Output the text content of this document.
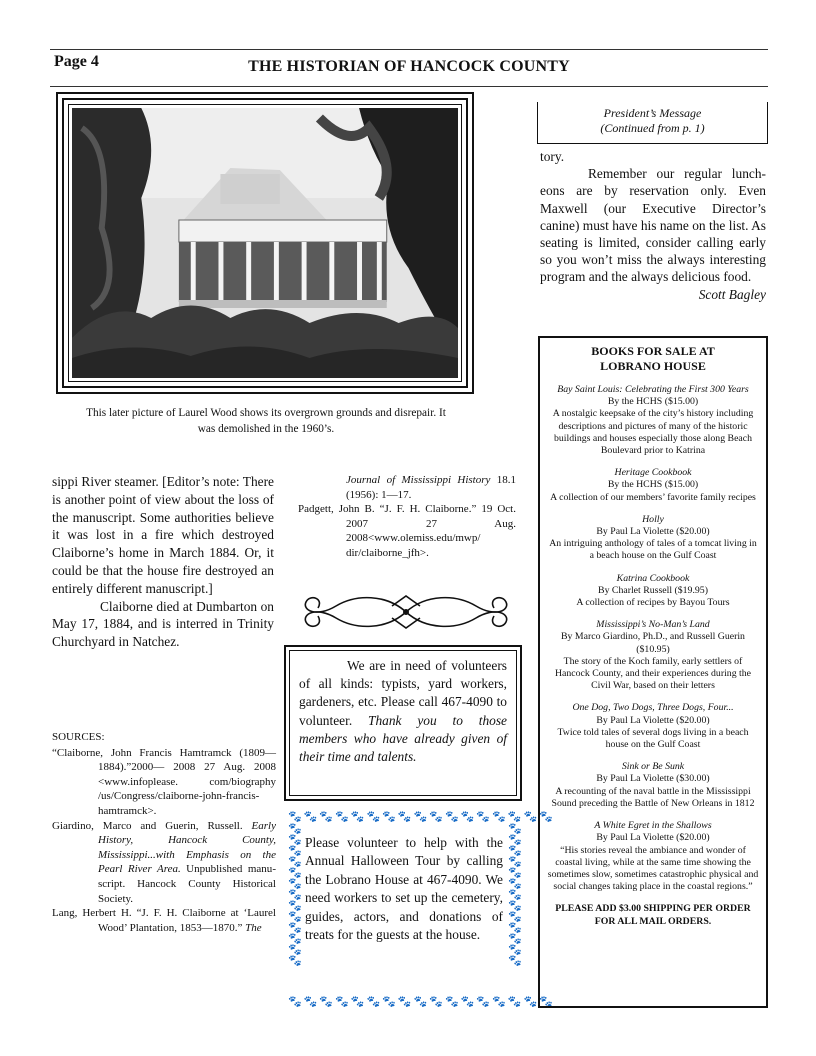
Page 4	THE HISTORIAN OF HANCOCK COUNTY
This later picture of Laurel Wood shows its overgrown grounds and disrepair. It was demolished in the 1960’s.

sippi River steamer. [Editor’s note: There is another point of view about the loss of the manuscript. Some authorities believe it was lost in a fire which destroyed Claiborne’s home in March 1884. Or, it could be that the house fire destroyed an entirely different manuscript.]

Claiborne died at Dumbarton on May 17, 1884, and is interred in Trinity Churchyard in Natchez.

SOURCES:
“Claiborne, John Francis Hamtramck (1809—1884).”2000— 2008 27 Aug. 2008 <www.infoplease. com/biography /us/Congress/claiborne-john-francishamtramck>.
Giardino, Marco and Guerin, Russell. Early History, Hancock County, Mississippi...with Emphasis on the Pearl River Area. Unpublished manuscript. Hancock County Historical Society.
Lang, Herbert H. “J. F. H. Claiborne at ‘Laurel Wood’ Plantation, 1853—1870.” The
Journal of Mississippi History 18.1 (1956): 1—17.
Padgett, John B. “J. F. H. Claiborne.” 19 Oct. 2007 27 Aug. 2008<www.olemiss.edu/mwp/ dir/claiborne_jfh>.
We are in need of volunteers of all kinds: typists, yard workers, gardeners, etc. Please call 467-4090 to volunteer. Thank you to those members who have already given of their time and talents.
🐾🐾🐾🐾🐾🐾🐾🐾🐾🐾🐾🐾🐾🐾🐾🐾🐾
🐾
🐾
🐾
🐾
🐾
🐾
🐾
🐾
🐾
🐾
🐾
🐾
🐾
🐾
🐾
🐾
🐾
🐾
🐾
🐾
🐾
🐾
🐾
🐾
🐾
🐾
🐾🐾🐾🐾🐾🐾🐾🐾🐾🐾🐾🐾🐾🐾🐾🐾🐾
Please volunteer to help with the Annual Halloween Tour by calling the Lobrano House at 467-4090. We need workers to set up the cemetery, guides, actors, and donations of treats for the guests at the house.
President’s Message
(Continued from p. 1)

tory.

Remember our regular luncheons are by reservation only. Even Maxwell (our Executive Director’s canine) must have his name on the list. As seating is limited, consider calling early so you won’t miss the always interesting program and the always delicious food.

Scott Bagley

BOOKS FOR SALE AT
LOBRANO HOUSE
Bay Saint Louis: Celebrating the First 300 Years
By the HCHS ($15.00)
A nostalgic keepsake of the city’s history including descriptions and pictures of many of the historic buildings and houses especially those along Beach Boulevard prior to Katrina
Heritage Cookbook
By the HCHS ($15.00)
A collection of our members’ favorite family recipes
Holly
By Paul La Violette ($20.00)
An intriguing anthology of tales of a tomcat living in a beach house on the Gulf Coast
Katrina Cookbook
By Charlet Russell ($19.95)
A collection of recipes by Bayou Tours
Mississippi’s No-Man’s Land
By Marco Giardino, Ph.D., and Russell Guerin ($10.95)
The story of the Koch family, early settlers of Hancock County, and their experiences during the Civil War, based on their letters
One Dog, Two Dogs, Three Dogs, Four...
By Paul La Violette ($20.00)
Twice told tales of several dogs living in a beach house on the Gulf Coast
Sink or Be Sunk
By Paul La Violette ($30.00)
A recounting of the naval battle in the Mississippi Sound preceding the Battle of New Orleans in 1812
A White Egret in the Shallows
By Paul La Violette ($20.00)
“His stories reveal the ambiance and wonder of coastal living, while at the same time showing the sometimes slow, sometimes catastrophic physical and social changes taking place in the coastal regions.”
PLEASE ADD $3.00 SHIPPING PER ORDER
FOR ALL MAIL ORDERS.
